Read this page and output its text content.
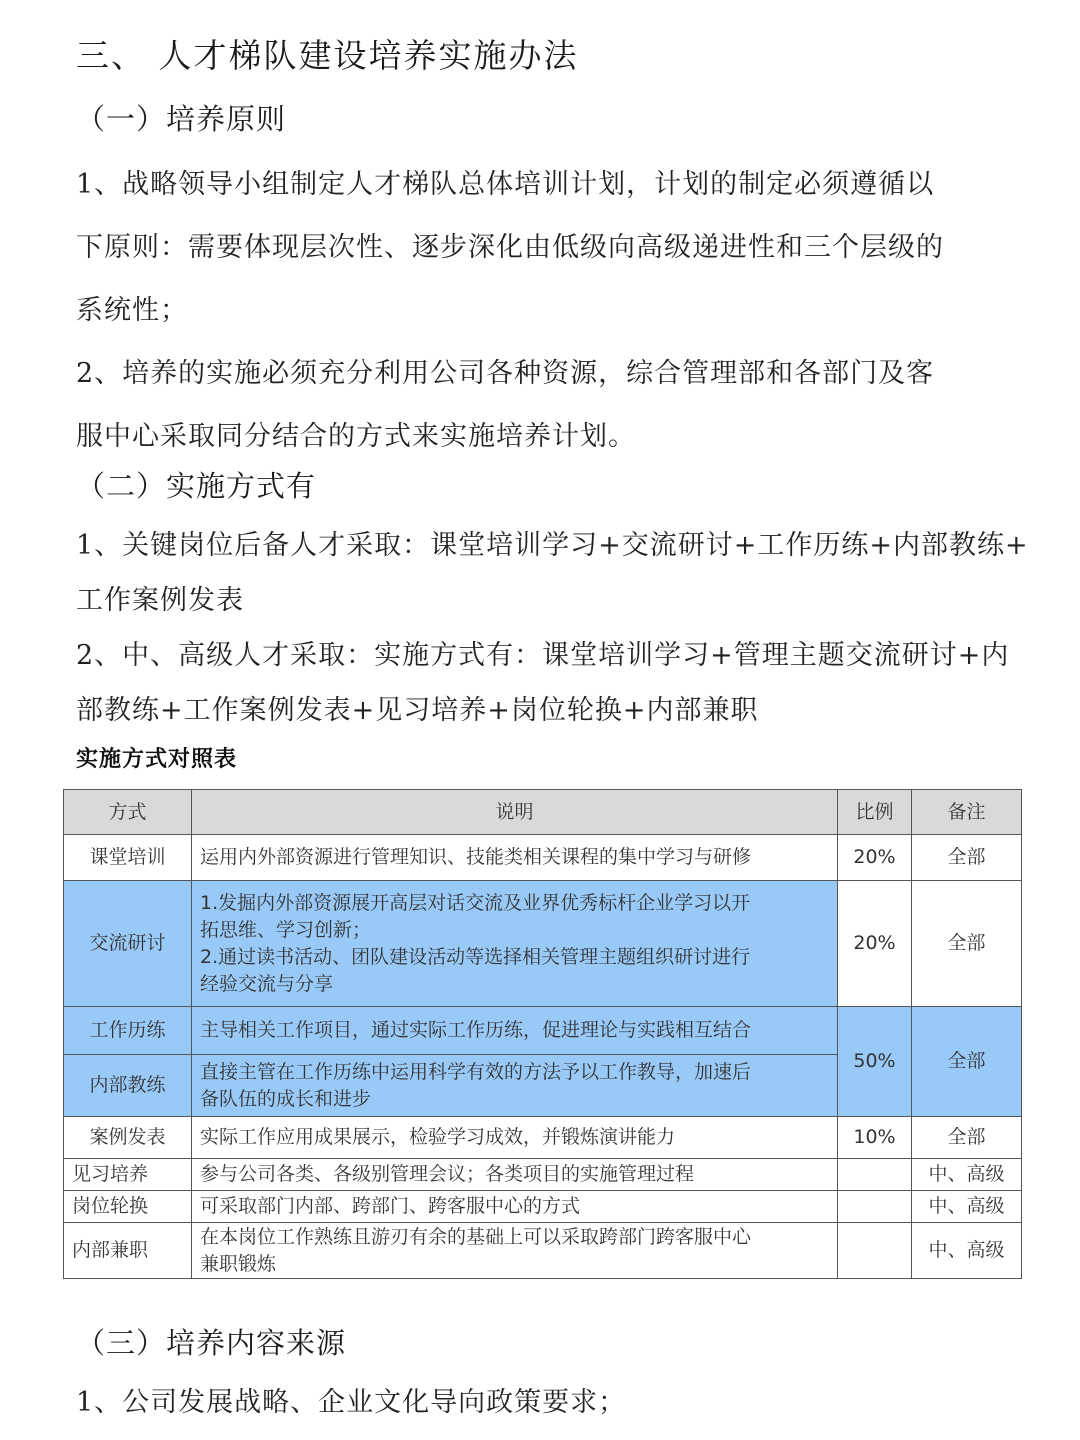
三、 人才梯队建设培养实施办法
（一）培养原则
1、战略领导小组制定人才梯队总体培训计划，计划的制定必须遵循以
下原则：需要体现层次性、逐步深化由低级向高级递进性和三个层级的
系统性；
2、培养的实施必须充分利用公司各种资源，综合管理部和各部门及客
服中心采取同分结合的方式来实施培养计划。
（二）实施方式有
1、关键岗位后备人才采取：课堂培训学习+交流研讨+工作历练+内部教练+
工作案例发表
2、中、高级人才采取：实施方式有：课堂培训学习+管理主题交流研讨+内
部教练+工作案例发表+见习培养+岗位轮换+内部兼职
实施方式对照表
方式	说明	比例	备注
课堂培训	运用内外部资源进行管理知识、技能类相关课程的集中学习与研修	20%	全部
交流研讨	1.发掘内外部资源展开高层对话交流及业界优秀标杆企业学习以开
拓思维、学习创新；
2.通过读书活动、团队建设活动等选择相关管理主题组织研讨进行
经验交流与分享	20%	全部
工作历练	主导相关工作项目，通过实际工作历练，促进理论与实践相互结合	50%	全部
内部教练	直接主管在工作历练中运用科学有效的方法予以工作教导，加速后
备队伍的成长和进步		

案例发表	实际工作应用成果展示，检验学习成效，并锻炼演讲能力	10%	全部
见习培养	参与公司各类、各级别管理会议；各类项目的实施管理过程		中、高级
岗位轮换	可采取部门内部、跨部门、跨客服中心的方式		中、高级
内部兼职	在本岗位工作熟练且游刃有余的基础上可以采取跨部门跨客服中心
兼职锻炼		中、高级
（三）培养内容来源
1、公司发展战略、企业文化导向政策要求；
